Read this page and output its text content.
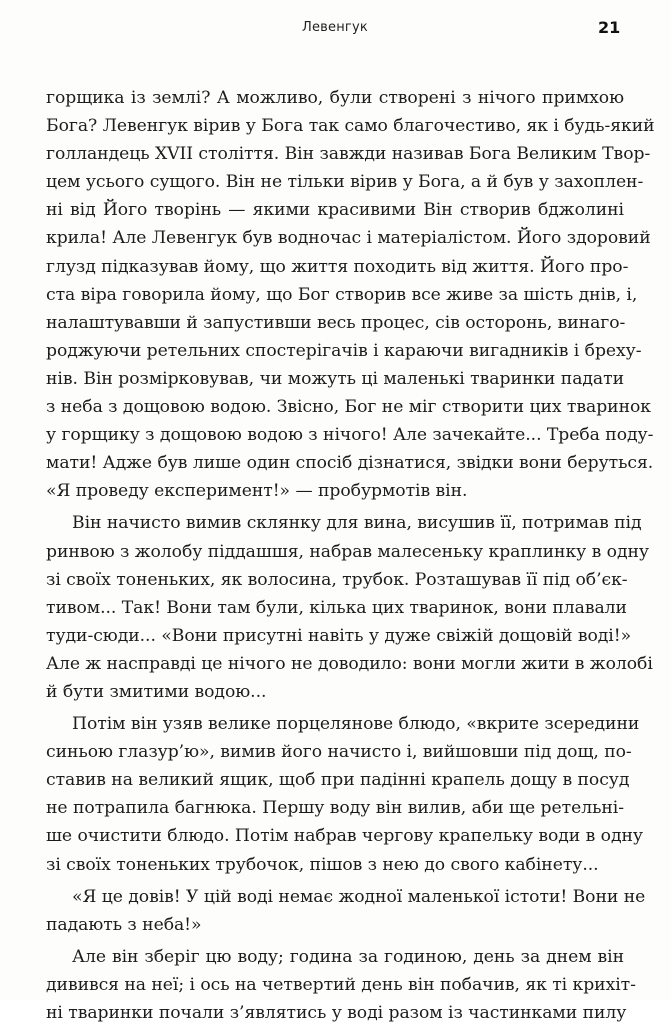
Левенгук	21
горщика із землі? А можливо, були створені з нічого примхою
Бога? Левенгук вірив у Бога так само благочестиво, як і будь-який
голландець XVII століття. Він завжди називав Бога Великим Твор-
цем усього сущого. Він не тільки вірив у Бога, а й був у захоплен-
ні від Його творінь — якими красивими Він створив бджолині
крила! Але Левенгук був водночас і матеріалістом. Його здоровий
глузд підказував йому, що життя походить від життя. Його про-
ста віра говорила йому, що Бог створив все живе за шість днів, і,
налаштувавши й запустивши весь процес, сів осторонь, винаго-
роджуючи ретельних спостерігачів і караючи вигадників і бреху-
нів. Він розмірковував, чи можуть ці маленькі тваринки падати
з неба з дощовою водою. Звісно, Бог не міг створити цих тваринок
у горщику з дощовою водою з нічого! Але зачекайте... Треба поду-
мати! Адже був лише один спосіб дізнатися, звідки вони беруться.
«Я проведу експеримент!» — пробурмотів він.
Він начисто вимив склянку для вина, висушив її, потримав під
ринвою з жолобу піддашшя, набрав малесеньку краплинку в одну
зі своїх тоненьких, як волосина, трубок. Розташував її під об’єк-
тивом... Так! Вони там були, кілька цих тваринок, вони плавали
туди-сюди... «Вони присутні навіть у дуже свіжій дощовій воді!»
Але ж насправді це нічого не доводило: вони могли жити в жолобі
й бути змитими водою...
Потім він узяв велике порцелянове блюдо, «вкрите зсередини
синьою глазур’ю», вимив його начисто і, вийшовши під дощ, по-
ставив на великий ящик, щоб при падінні крапель дощу в посуд
не потрапила багнюка. Першу воду він вилив, аби ще ретельні-
ше очистити блюдо. Потім набрав чергову крапельку води в одну
зі своїх тоненьких трубочок, пішов з нею до свого кабінету...
«Я це довів! У цій воді немає жодної маленької істоти! Вони не
падають з неба!»
Але він зберіг цю воду; година за годиною, день за днем він
дивився на неї; і ось на четвертий день він побачив, як ті крихіт-
ні тваринки почали з’являтись у воді разом із частинками пилу
